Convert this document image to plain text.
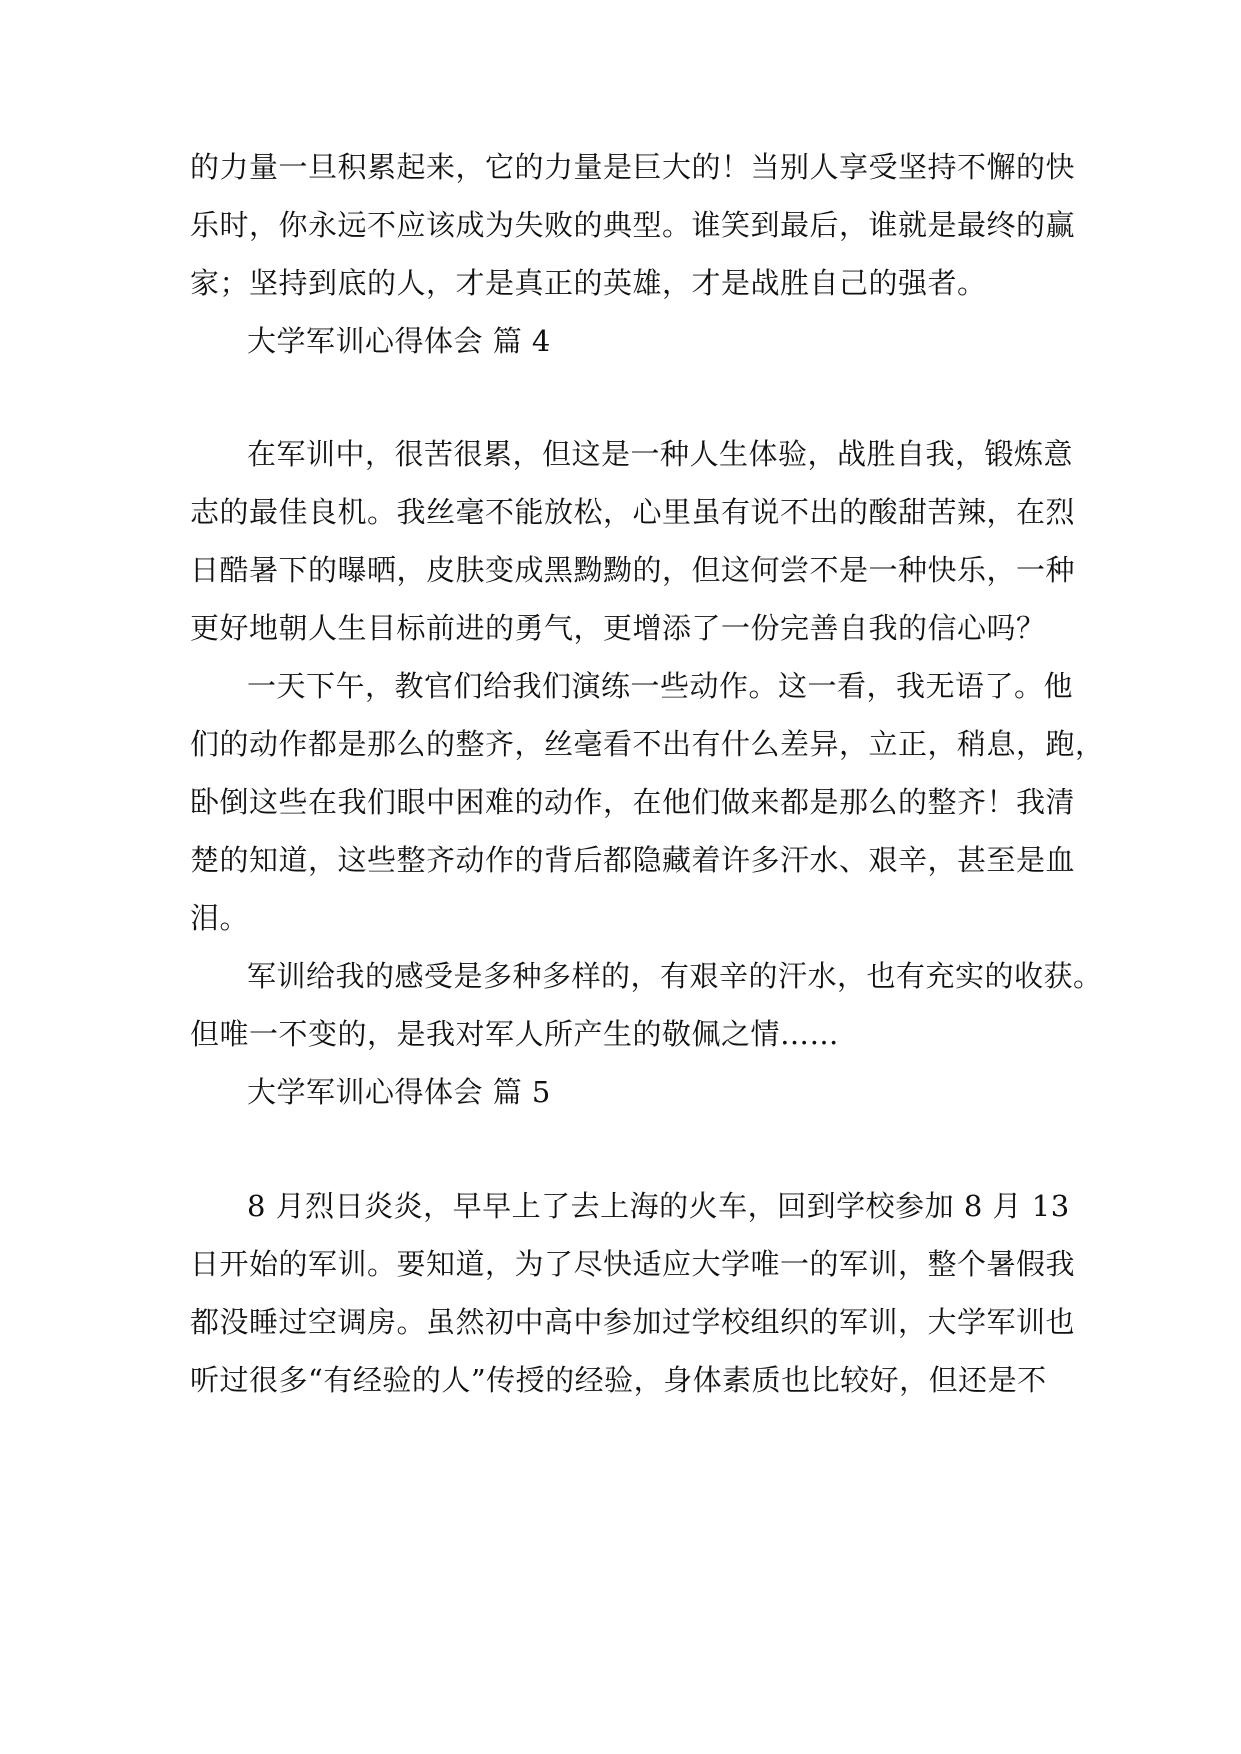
的力量一旦积累起来，它的力量是巨大的！当别人享受坚持不懈的快
乐时，你永远不应该成为失败的典型。谁笑到最后，谁就是最终的赢
家；坚持到底的人，才是真正的英雄，才是战胜自己的强者。
大学军训心得体会 篇 4
在军训中，很苦很累，但这是一种人生体验，战胜自我，锻炼意
志的最佳良机。我丝毫不能放松，心里虽有说不出的酸甜苦辣，在烈
日酷暑下的曝晒，皮肤变成黑黝黝的，但这何尝不是一种快乐，一种
更好地朝人生目标前进的勇气，更增添了一份完善自我的信心吗？
一天下午，教官们给我们演练一些动作。这一看，我无语了。他
们的动作都是那么的整齐，丝毫看不出有什么差异，立正，稍息，跑，
卧倒这些在我们眼中困难的动作，在他们做来都是那么的整齐！我清
楚的知道，这些整齐动作的背后都隐藏着许多汗水、艰辛，甚至是血
泪。
军训给我的感受是多种多样的，有艰辛的汗水，也有充实的收获。
但唯一不变的，是我对军人所产生的敬佩之情……
大学军训心得体会 篇 5
8 月烈日炎炎，早早上了去上海的火车，回到学校参加 8 月 13
日开始的军训。要知道，为了尽快适应大学唯一的军训，整个暑假我
都没睡过空调房。虽然初中高中参加过学校组织的军训，大学军训也
听过很多“有经验的人”传授的经验，身体素质也比较好，但还是不
